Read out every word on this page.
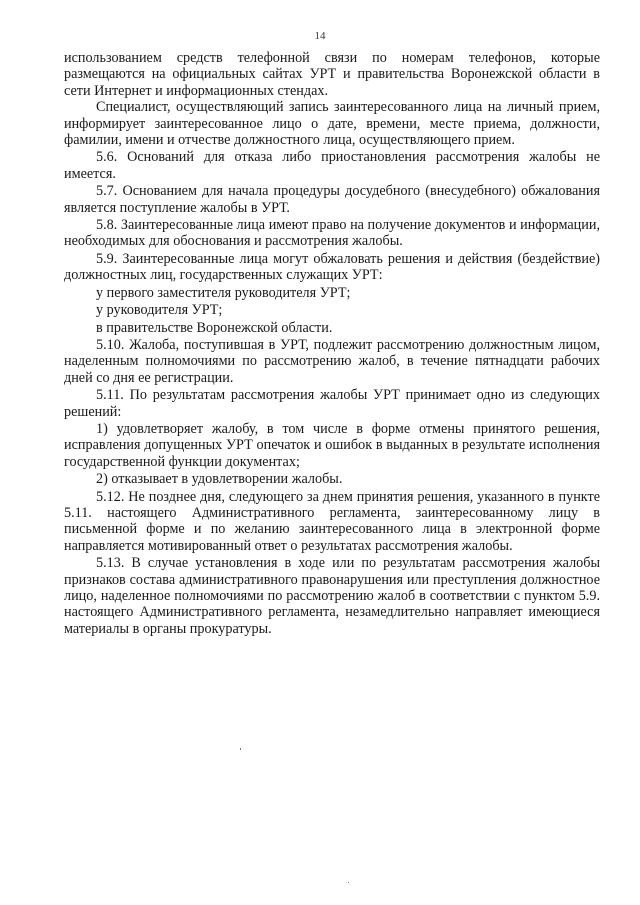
14

использованием средств телефонной связи по номерам телефонов, которые размещаются на официальных сайтах УРТ и правительства Воронежской области в сети Интернет и информационных стендах.

Специалист, осуществляющий запись заинтересованного лица на личный прием, информирует заинтересованное лицо о дате, времени, месте приема, должности, фамилии, имени и отчестве должностного лица, осуществляющего прием.

5.6. Оснований для отказа либо приостановления рассмотрения жалобы не имеется.

5.7. Основанием для начала процедуры досудебного (внесудебного) обжалования является поступление жалобы в УРТ.

5.8. Заинтересованные лица имеют право на получение документов и информации, необходимых для обоснования и рассмотрения жалобы.

5.9. Заинтересованные лица могут обжаловать решения и действия (бездействие) должностных лиц, государственных служащих УРТ:

у первого заместителя руководителя УРТ;

у руководителя УРТ;

в правительстве Воронежской области.

5.10. Жалоба, поступившая в УРТ, подлежит рассмотрению должностным лицом, наделенным полномочиями по рассмотрению жалоб, в течение пятнадцати рабочих дней со дня ее регистрации.

5.11. По результатам рассмотрения жалобы УРТ принимает одно из следующих решений:

1) удовлетворяет жалобу, в том числе в форме отмены принятого решения, исправления допущенных УРТ опечаток и ошибок в выданных в результате исполнения государственной функции документах;

2) отказывает в удовлетворении жалобы.

5.12. Не позднее дня, следующего за днем принятия решения, указанного в пункте 5.11. настоящего Административного регламента, заинтересованному лицу в письменной форме и по желанию заинтересованного лица в электронной форме направляется мотивированный ответ о результатах рассмотрения жалобы.

5.13. В случае установления в ходе или по результатам рассмотрения жалобы признаков состава административного правонарушения или преступления должностное лицо, наделенное полномочиями по рассмотрению жалоб в соответствии с пунктом 5.9. настоящего Административного регламента, незамедлительно направляет имеющиеся материалы в органы прокуратуры.
